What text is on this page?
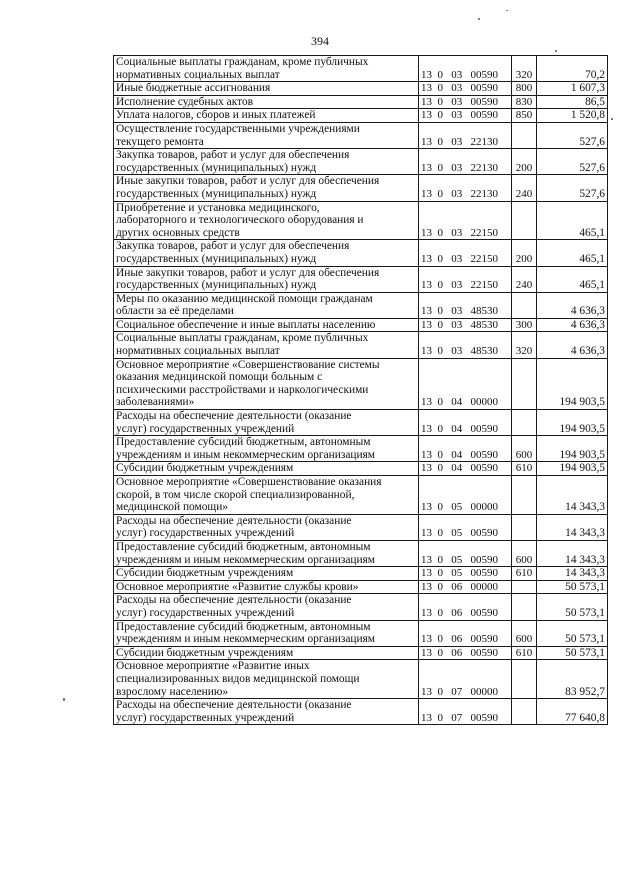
394
Социальные выплаты гражданам, кроме публичных
нормативных социальных выплат	13  0   03   00590	320	70,2
Иные бюджетные ассигнования	13  0   03   00590	800	1 607,3
Исполнение судебных актов	13  0   03   00590	830	86,5
Уплата налогов, сборов и иных платежей	13  0   03   00590	850	1 520,8
Осуществление государственными учреждениями
текущего ремонта	13  0   03   22130		527,6
Закупка товаров, работ и услуг для обеспечения
государственных (муниципальных) нужд	13  0   03   22130	200	527,6
Иные закупки товаров, работ и услуг для обеспечения
государственных (муниципальных) нужд	13  0   03   22130	240	527,6
Приобретение и установка медицинского,
лабораторного и технологического оборудования и
других основных средств	13  0   03   22150		465,1
Закупка товаров, работ и услуг для обеспечения
государственных (муниципальных) нужд	13  0   03   22150	200	465,1
Иные закупки товаров, работ и услуг для обеспечения
государственных (муниципальных) нужд	13  0   03   22150	240	465,1
Меры по оказанию медицинской помощи гражданам
области за её пределами	13  0   03   48530		4 636,3
Социальное обеспечение и иные выплаты населению	13  0   03   48530	300	4 636,3
Социальные выплаты гражданам, кроме публичных
нормативных социальных выплат	13  0   03   48530	320	4 636,3
Основное мероприятие «Совершенствование системы
оказания медицинской помощи больным с
психическими расстройствами и наркологическими
заболеваниями»	13  0   04   00000		194 903,5
Расходы на обеспечение деятельности (оказание
услуг) государственных учреждений	13  0   04   00590		194 903,5
Предоставление субсидий бюджетным, автономным
учреждениям и иным некоммерческим организациям	13  0   04   00590	600	194 903,5
Субсидии бюджетным учреждениям	13  0   04   00590	610	194 903,5
Основное мероприятие «Совершенствование оказания
скорой, в том числе скорой специализированной,
медицинской помощи»	13  0   05   00000		14 343,3
Расходы на обеспечение деятельности (оказание
услуг) государственных учреждений	13  0   05   00590		14 343,3
Предоставление субсидий бюджетным, автономным
учреждениям и иным некоммерческим организациям	13  0   05   00590	600	14 343,3
Субсидии бюджетным учреждениям	13  0   05   00590	610	14 343,3
Основное мероприятие «Развитие службы крови»	13  0   06   00000		50 573,1
Расходы на обеспечение деятельности (оказание
услуг) государственных учреждений	13  0   06   00590		50 573,1
Предоставление субсидий бюджетным, автономным
учреждениям и иным некоммерческим организациям	13  0   06   00590	600	50 573,1
Субсидии бюджетным учреждениям	13  0   06   00590	610	50 573,1
Основное мероприятие «Развитие иных
специализированных видов медицинской помощи
взрослому населению»	13  0   07   00000		83 952,7
Расходы на обеспечение деятельности (оказание
услуг) государственных учреждений	13  0   07   00590		77 640,8
